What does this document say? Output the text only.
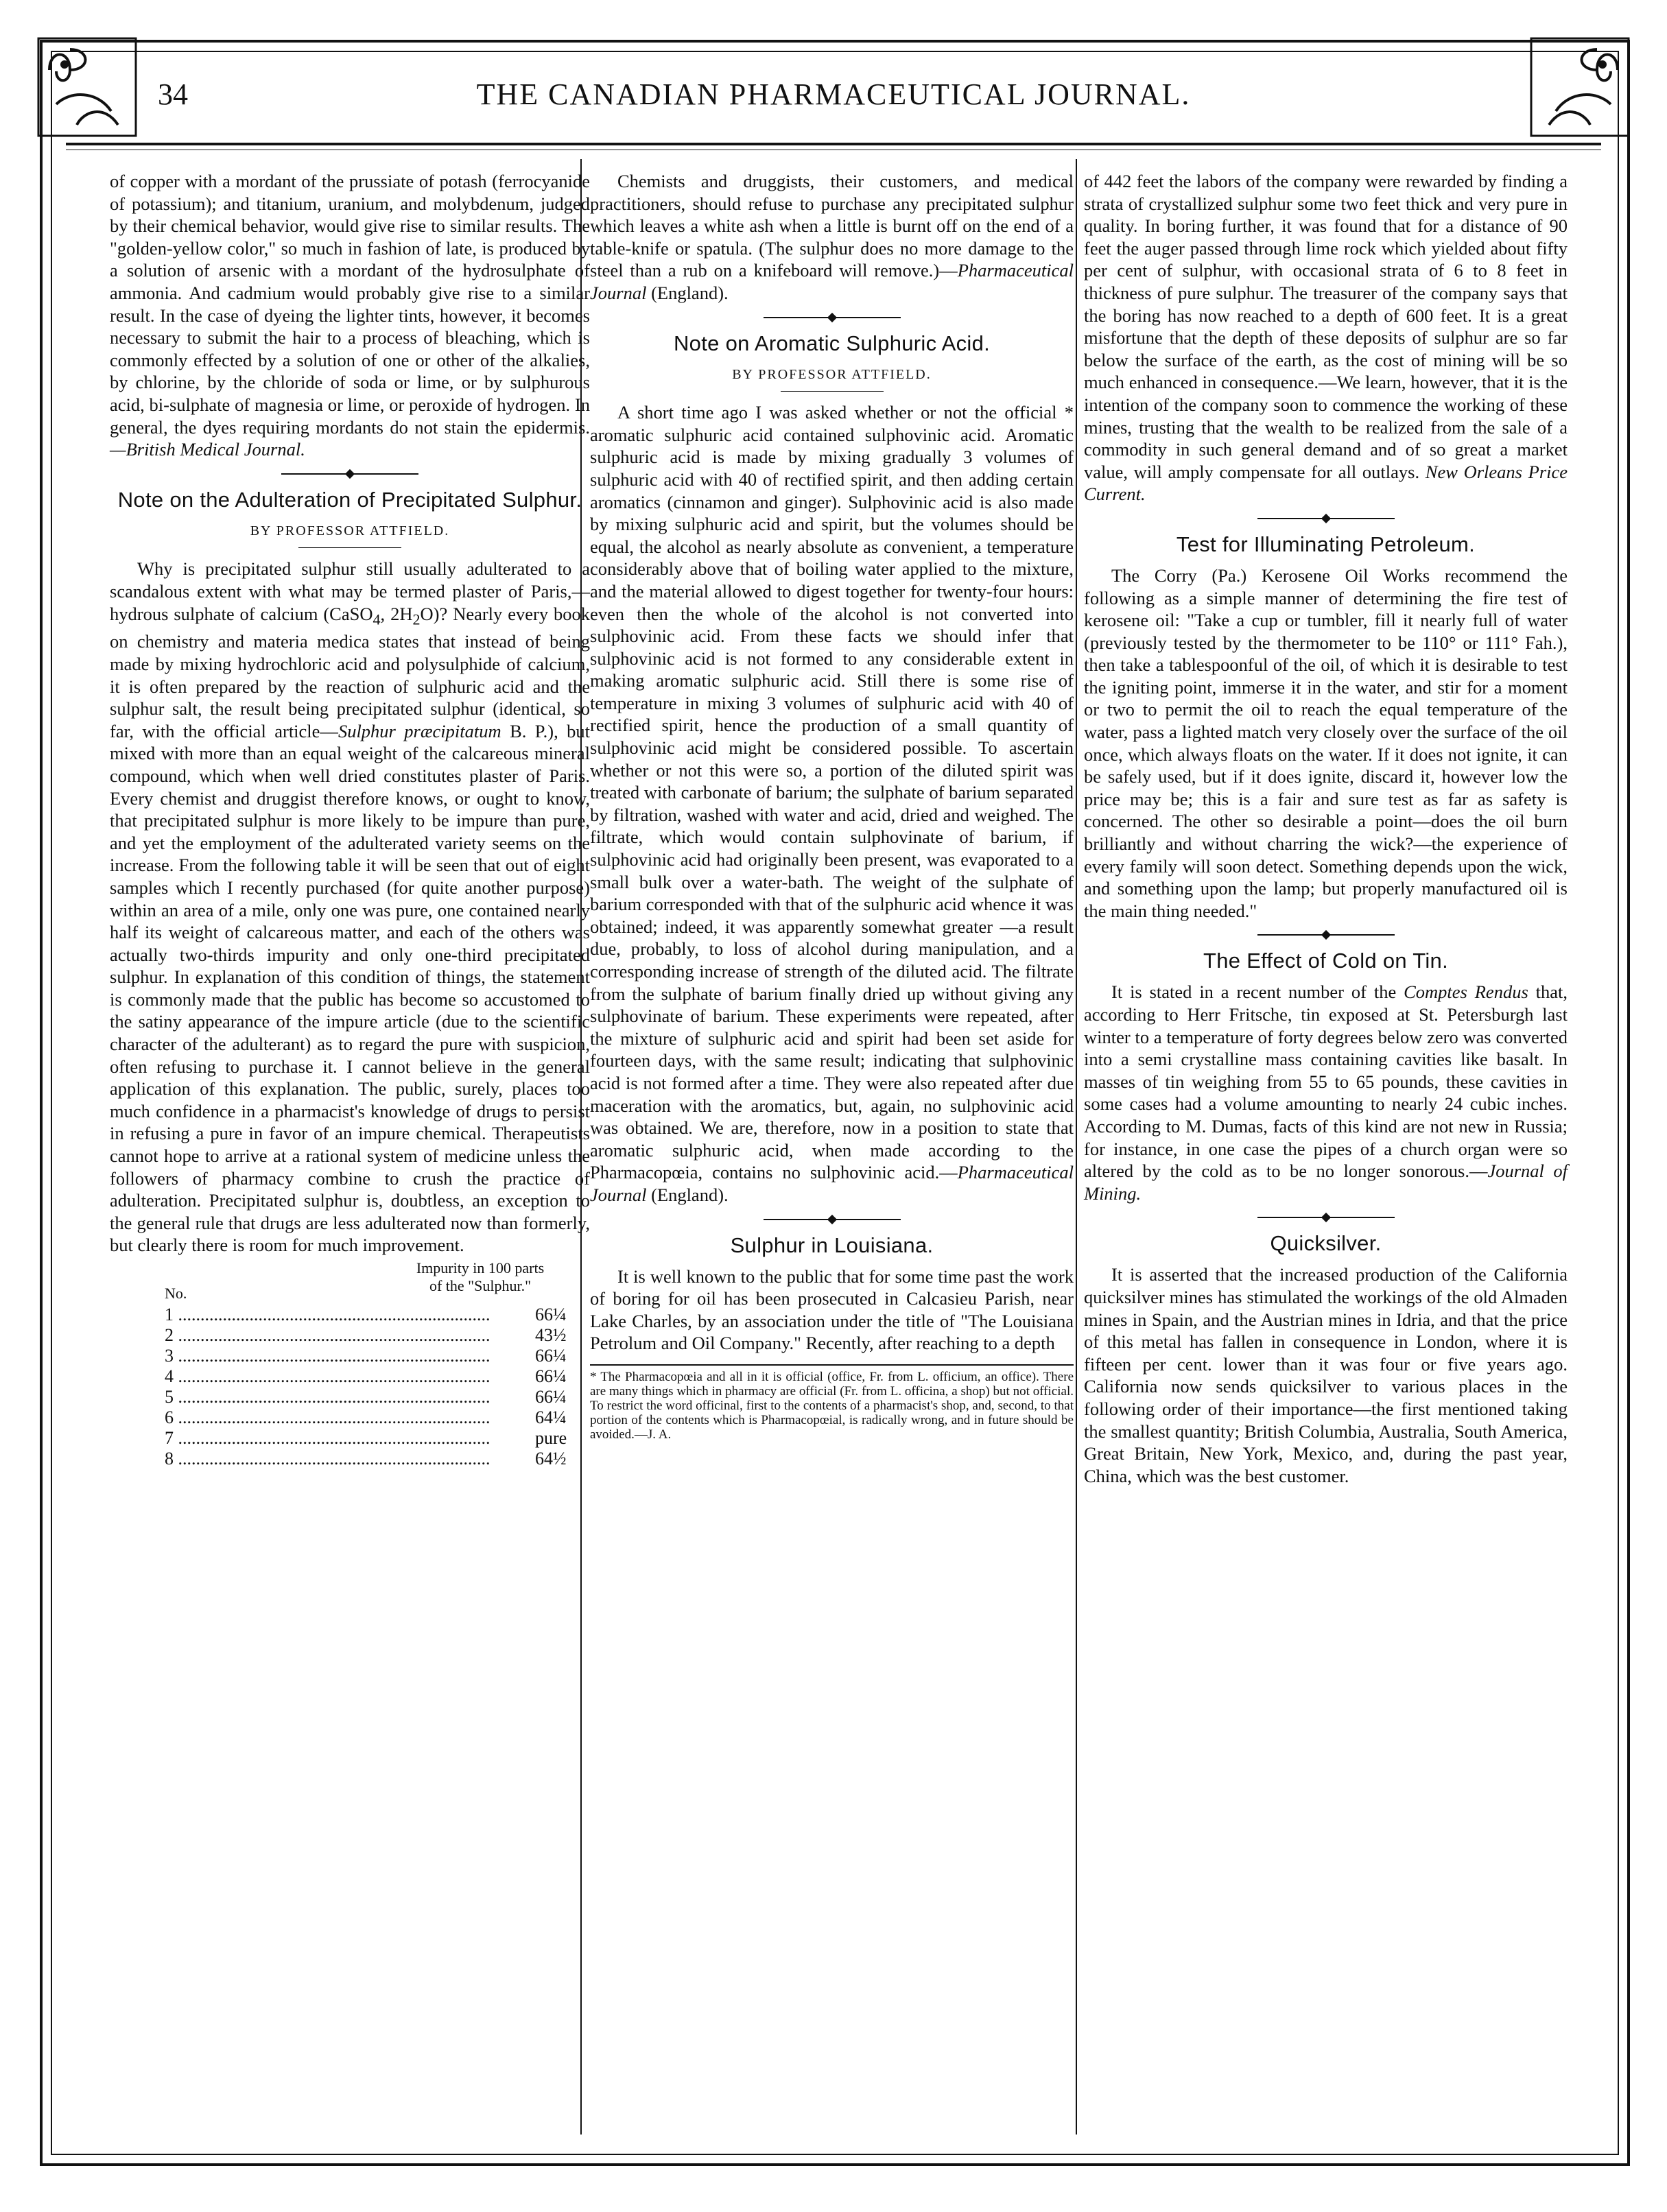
34	THE CANADIAN PHARMACEUTICAL JOURNAL.

of copper with a mordant of the prussiate of potash (ferrocyanide of potassium); and titanium, uranium, and molybdenum, judged by their chemical behavior, would give rise to similar results. The "golden-yellow color," so much in fashion of late, is produced by a solution of arsenic with a mordant of the hydrosulphate of ammonia. And cadmium would probably give rise to a similar result. In the case of dyeing the lighter tints, however, it becomes necessary to submit the hair to a process of bleaching, which is commonly effected by a solution of one or other of the alkalies, by chlorine, by the chloride of soda or lime, or by sulphurous acid, bi-sulphate of magnesia or lime, or peroxide of hydrogen. In general, the dyes requiring mordants do not stain the epidermis. —British Medical Journal.

Note on the Adulteration of Precipitated Sulphur.
BY PROFESSOR ATTFIELD.

Why is precipitated sulphur still usually adulterated to a scandalous extent with what may be termed plaster of Paris,—hydrous sulphate of calcium (CaSO$_4$, $2H_2O$)? Nearly every book on chemistry and materia medica states that instead of being made by mixing hydrochloric acid and polysulphide of calcium, it is often prepared by the reaction of sulphuric acid and the sulphur salt, the result being precipitated sulphur (identical, so far, with the official article—Sulphur præcipitatum B. P.), but mixed with more than an equal weight of the calcareous mineral compound, which when well dried constitutes plaster of Paris. Every chemist and druggist therefore knows, or ought to know, that precipitated sulphur is more likely to be impure than pure, and yet the employment of the adulterated variety seems on the increase. From the following table it will be seen that out of eight samples which I recently purchased (for quite another purpose) within an area of a mile, only one was pure, one contained nearly half its weight of calcareous matter, and each of the others was actually two-thirds impurity and only one-third precipitated sulphur. In explanation of this condition of things, the statement is commonly made that the public has become so accustomed to the satiny appearance of the impure article (due to the scientific character of the adulterant) as to regard the pure with suspicion, often refusing to purchase it. I cannot believe in the general application of this explanation. The public, surely, places too much confidence in a pharmacist's knowledge of drugs to persist in refusing a pure in favor of an impure chemical. Therapeutists cannot hope to arrive at a rational system of medicine unless the followers of pharmacy combine to crush the practice of adulteration. Precipitated sulphur is, doubtless, an exception to the general rule that drugs are less adulterated now than formerly, but clearly there is room for much improvement.

No.
Impurity in 100 parts
of the "Sulphur."
1 .....	66¼
2 .....	43½
3 .....	66¼
4 .....	66¼
5 .....	66¼
6 .....	64¼
7 .....	pure
8 .....	64½

Chemists and druggists, their customers, and medical practitioners, should refuse to purchase any precipitated sulphur which leaves a white ash when a little is burnt off on the end of a table-knife or spatula. (The sulphur does no more damage to the steel than a rub on a knifeboard will remove.)—Pharmaceutical Journal (England).

Note on Aromatic Sulphuric Acid.
BY PROFESSOR ATTFIELD.

A short time ago I was asked whether or not the official * aromatic sulphuric acid contained sulphovinic acid. Aromatic sulphuric acid is made by mixing gradually 3 volumes of sulphuric acid with 40 of rectified spirit, and then adding certain aromatics (cinnamon and ginger). Sulphovinic acid is also made by mixing sulphuric acid and spirit, but the volumes should be equal, the alcohol as nearly absolute as convenient, a temperature considerably above that of boiling water applied to the mixture, and the material allowed to digest together for twenty-four hours: even then the whole of the alcohol is not converted into sulphovinic acid. From these facts we should infer that sulphovinic acid is not formed to any considerable extent in making aromatic sulphuric acid. Still there is some rise of temperature in mixing 3 volumes of sulphuric acid with 40 of rectified spirit, hence the production of a small quantity of sulphovinic acid might be considered possible. To ascertain whether or not this were so, a portion of the diluted spirit was treated with carbonate of barium; the sulphate of barium separated by filtration, washed with water and acid, dried and weighed. The filtrate, which would contain sulphovinate of barium, if sulphovinic acid had originally been present, was evaporated to a small bulk over a water-bath. The weight of the sulphate of barium corresponded with that of the sulphuric acid whence it was obtained; indeed, it was apparently somewhat greater —a result due, probably, to loss of alcohol during manipulation, and a corresponding increase of strength of the diluted acid. The filtrate from the sulphate of barium finally dried up without giving any sulphovinate of barium. These experiments were repeated, after the mixture of sulphuric acid and spirit had been set aside for fourteen days, with the same result; indicating that sulphovinic acid is not formed after a time. They were also repeated after due maceration with the aromatics, but, again, no sulphovinic acid was obtained. We are, therefore, now in a position to state that aromatic sulphuric acid, when made according to the Pharmacopœia, contains no sulphovinic acid.—Pharmaceutical Journal (England).

Sulphur in Louisiana.

It is well known to the public that for some time past the work of boring for oil has been prosecuted in Calcasieu Parish, near Lake Charles, by an association under the title of "The Louisiana Petrolum and Oil Company." Recently, after reaching to a depth

* The Pharmacopœia and all in it is official (office, Fr. from L. officium, an office). There are many things which in pharmacy are official (Fr. from L. officina, a shop) but not official. To restrict the word officinal, first to the contents of a pharmacist's shop, and, second, to that portion of the contents which is Pharmacopœial, is radically wrong, and in future should be avoided.—J. A.

of 442 feet the labors of the company were rewarded by finding a strata of crystallized sulphur some two feet thick and very pure in quality. In boring further, it was found that for a distance of 90 feet the auger passed through lime rock which yielded about fifty per cent of sulphur, with occasional strata of 6 to 8 feet in thickness of pure sulphur. The treasurer of the company says that the boring has now reached to a depth of 600 feet. It is a great misfortune that the depth of these deposits of sulphur are so far below the surface of the earth, as the cost of mining will be so much enhanced in consequence.—We learn, however, that it is the intention of the company soon to commence the working of these mines, trusting that the wealth to be realized from the sale of a commodity in such general demand and of so great a market value, will amply compensate for all outlays. New Orleans Price Current.

Test for Illuminating Petroleum.

The Corry (Pa.) Kerosene Oil Works recommend the following as a simple manner of determining the fire test of kerosene oil: "Take a cup or tumbler, fill it nearly full of water (previously tested by the thermometer to be 110° or 111° Fah.), then take a tablespoonful of the oil, of which it is desirable to test the igniting point, immerse it in the water, and stir for a moment or two to permit the oil to reach the equal temperature of the water, pass a lighted match very closely over the surface of the oil once, which always floats on the water. If it does not ignite, it can be safely used, but if it does ignite, discard it, however low the price may be; this is a fair and sure test as far as safety is concerned. The other so desirable a point—does the oil burn brilliantly and without charring the wick?—the experience of every family will soon detect. Something depends upon the wick, and something upon the lamp; but properly manufactured oil is the main thing needed."

The Effect of Cold on Tin.

It is stated in a recent number of the Comptes Rendus that, according to Herr Fritsche, tin exposed at St. Petersburgh last winter to a temperature of forty degrees below zero was converted into a semi crystalline mass containing cavities like basalt. In masses of tin weighing from 55 to 65 pounds, these cavities in some cases had a volume amounting to nearly 24 cubic inches. According to M. Dumas, facts of this kind are not new in Russia; for instance, in one case the pipes of a church organ were so altered by the cold as to be no longer sonorous.—Journal of Mining.

Quicksilver.

It is asserted that the increased production of the California quicksilver mines has stimulated the workings of the old Almaden mines in Spain, and the Austrian mines in Idria, and that the price of this metal has fallen in consequence in London, where it is fifteen per cent. lower than it was four or five years ago. California now sends quicksilver to various places in the following order of their importance—the first mentioned taking the smallest quantity; British Columbia, Australia, South America, Great Britain, New York, Mexico, and, during the past year, China, which was the best customer.
